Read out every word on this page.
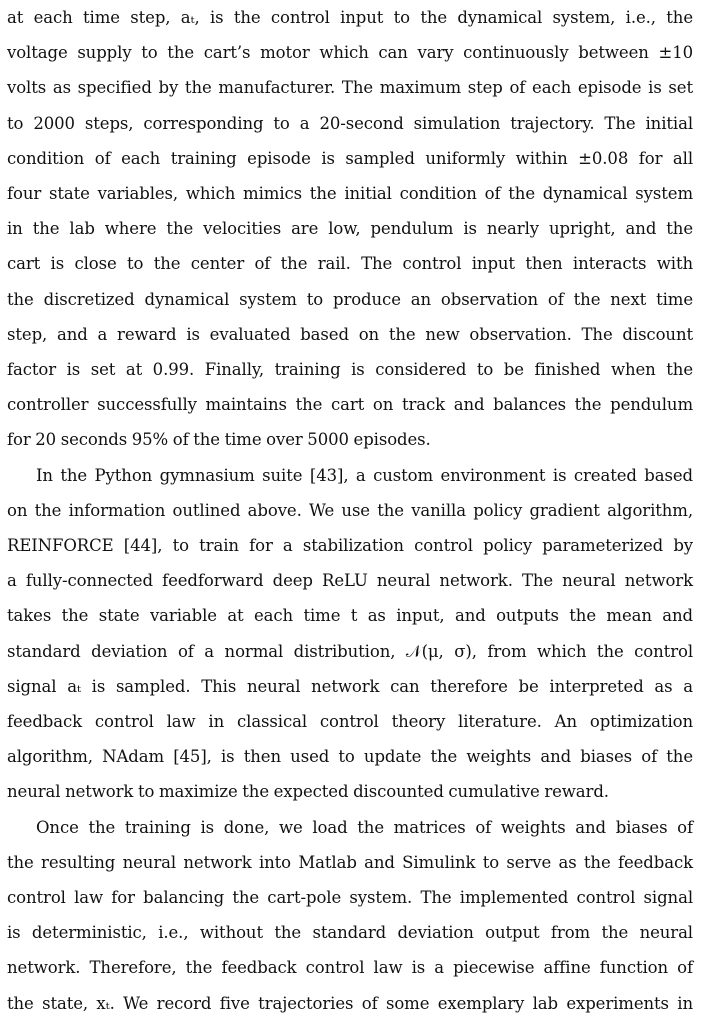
at each time step, aₜ, is the control input to the dynamical system, i.e., the

voltage supply to the cart’s motor which can vary continuously between ±10

volts as specified by the manufacturer. The maximum step of each episode is set

to 2000 steps, corresponding to a 20-second simulation trajectory. The initial

condition of each training episode is sampled uniformly within ±0.08 for all

four state variables, which mimics the initial condition of the dynamical system

in the lab where the velocities are low, pendulum is nearly upright, and the

cart is close to the center of the rail. The control input then interacts with

the discretized dynamical system to produce an observation of the next time

step, and a reward is evaluated based on the new observation. The discount

factor is set at 0.99. Finally, training is considered to be finished when the

controller successfully maintains the cart on track and balances the pendulum

for 20 seconds 95% of the time over 5000 episodes.

In the Python gymnasium suite [43], a custom environment is created based

on the information outlined above. We use the vanilla policy gradient algorithm,

REINFORCE [44], to train for a stabilization control policy parameterized by

a fully-connected feedforward deep ReLU neural network. The neural network

takes the state variable at each time t as input, and outputs the mean and

standard deviation of a normal distribution, 𝒩(μ, σ), from which the control

signal aₜ is sampled. This neural network can therefore be interpreted as a

feedback control law in classical control theory literature. An optimization

algorithm, NAdam [45], is then used to update the weights and biases of the

neural network to maximize the expected discounted cumulative reward.

Once the training is done, we load the matrices of weights and biases of

the resulting neural network into Matlab and Simulink to serve as the feedback

control law for balancing the cart-pole system. The implemented control signal

is deterministic, i.e., without the standard deviation output from the neural

network. Therefore, the feedback control law is a piecewise affine function of

the state, xₜ. We record five trajectories of some exemplary lab experiments in
